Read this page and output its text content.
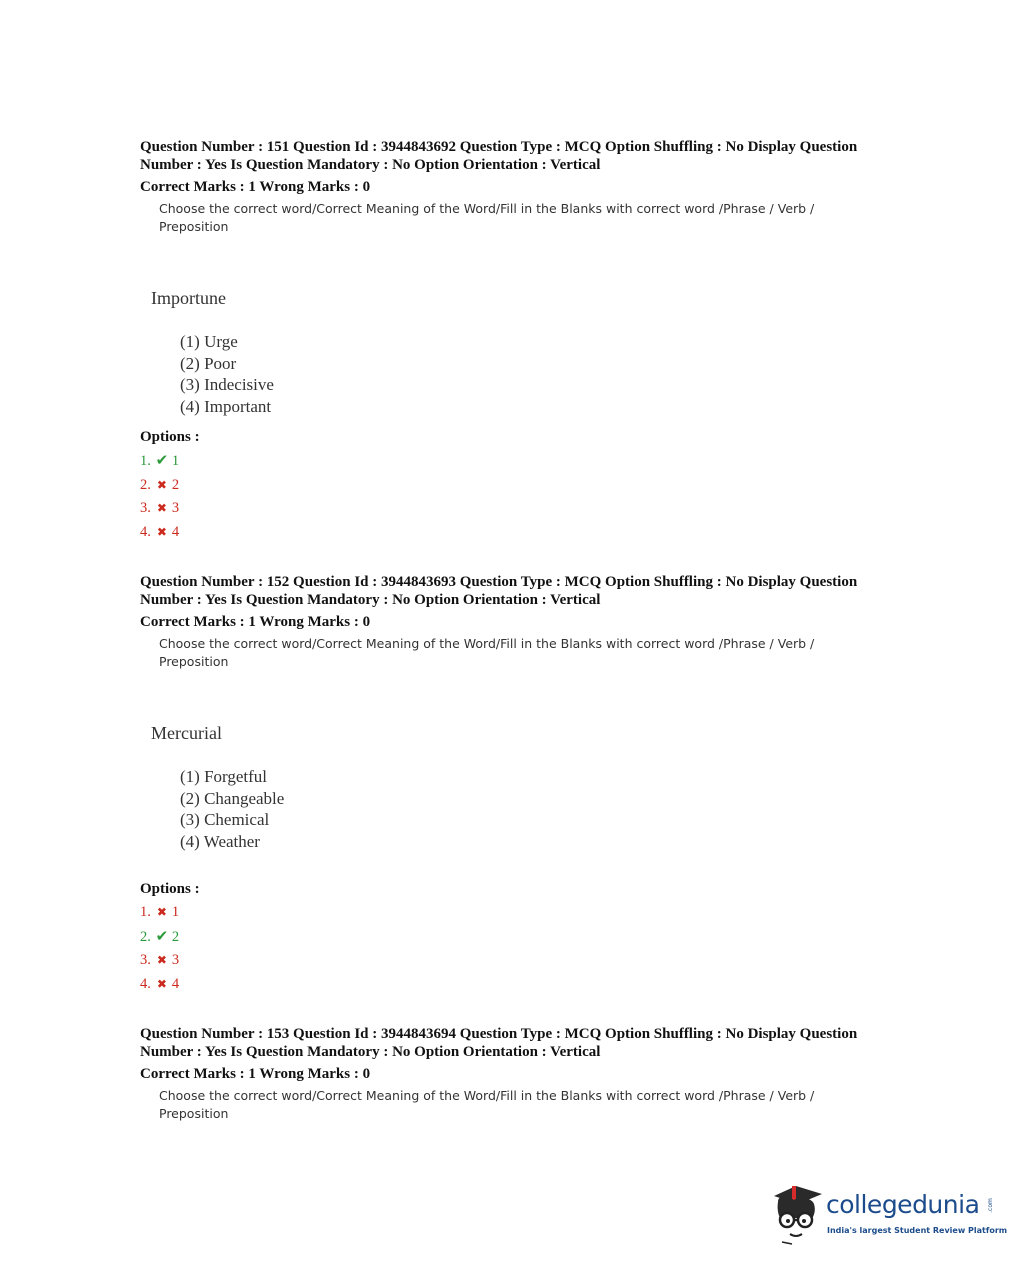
Question Number : 151 Question Id : 3944843692 Question Type : MCQ Option Shuffling : No Display Question Number : Yes Is Question Mandatory : No Option Orientation : Vertical
Correct Marks : 1 Wrong Marks : 0
Choose the correct word/Correct Meaning of the Word/Fill in the Blanks with correct word /Phrase / Verb / Preposition
Importune
(1) Urge
(2) Poor
(3) Indecisive
(4) Important
Options :
1. ✔ 1
2. ✖ 2
3. ✖ 3
4. ✖ 4
Question Number : 152 Question Id : 3944843693 Question Type : MCQ Option Shuffling : No Display Question Number : Yes Is Question Mandatory : No Option Orientation : Vertical
Correct Marks : 1 Wrong Marks : 0
Choose the correct word/Correct Meaning of the Word/Fill in the Blanks with correct word /Phrase / Verb / Preposition
Mercurial
(1) Forgetful
(2) Changeable
(3) Chemical
(4) Weather
Options :
1. ✖ 1
2. ✔ 2
3. ✖ 3
4. ✖ 4
Question Number : 153 Question Id : 3944843694 Question Type : MCQ Option Shuffling : No Display Question Number : Yes Is Question Mandatory : No Option Orientation : Vertical
Correct Marks : 1 Wrong Marks : 0
Choose the correct word/Correct Meaning of the Word/Fill in the Blanks with correct word /Phrase / Verb / Preposition
collegedunia .com
India's largest Student Review Platform
